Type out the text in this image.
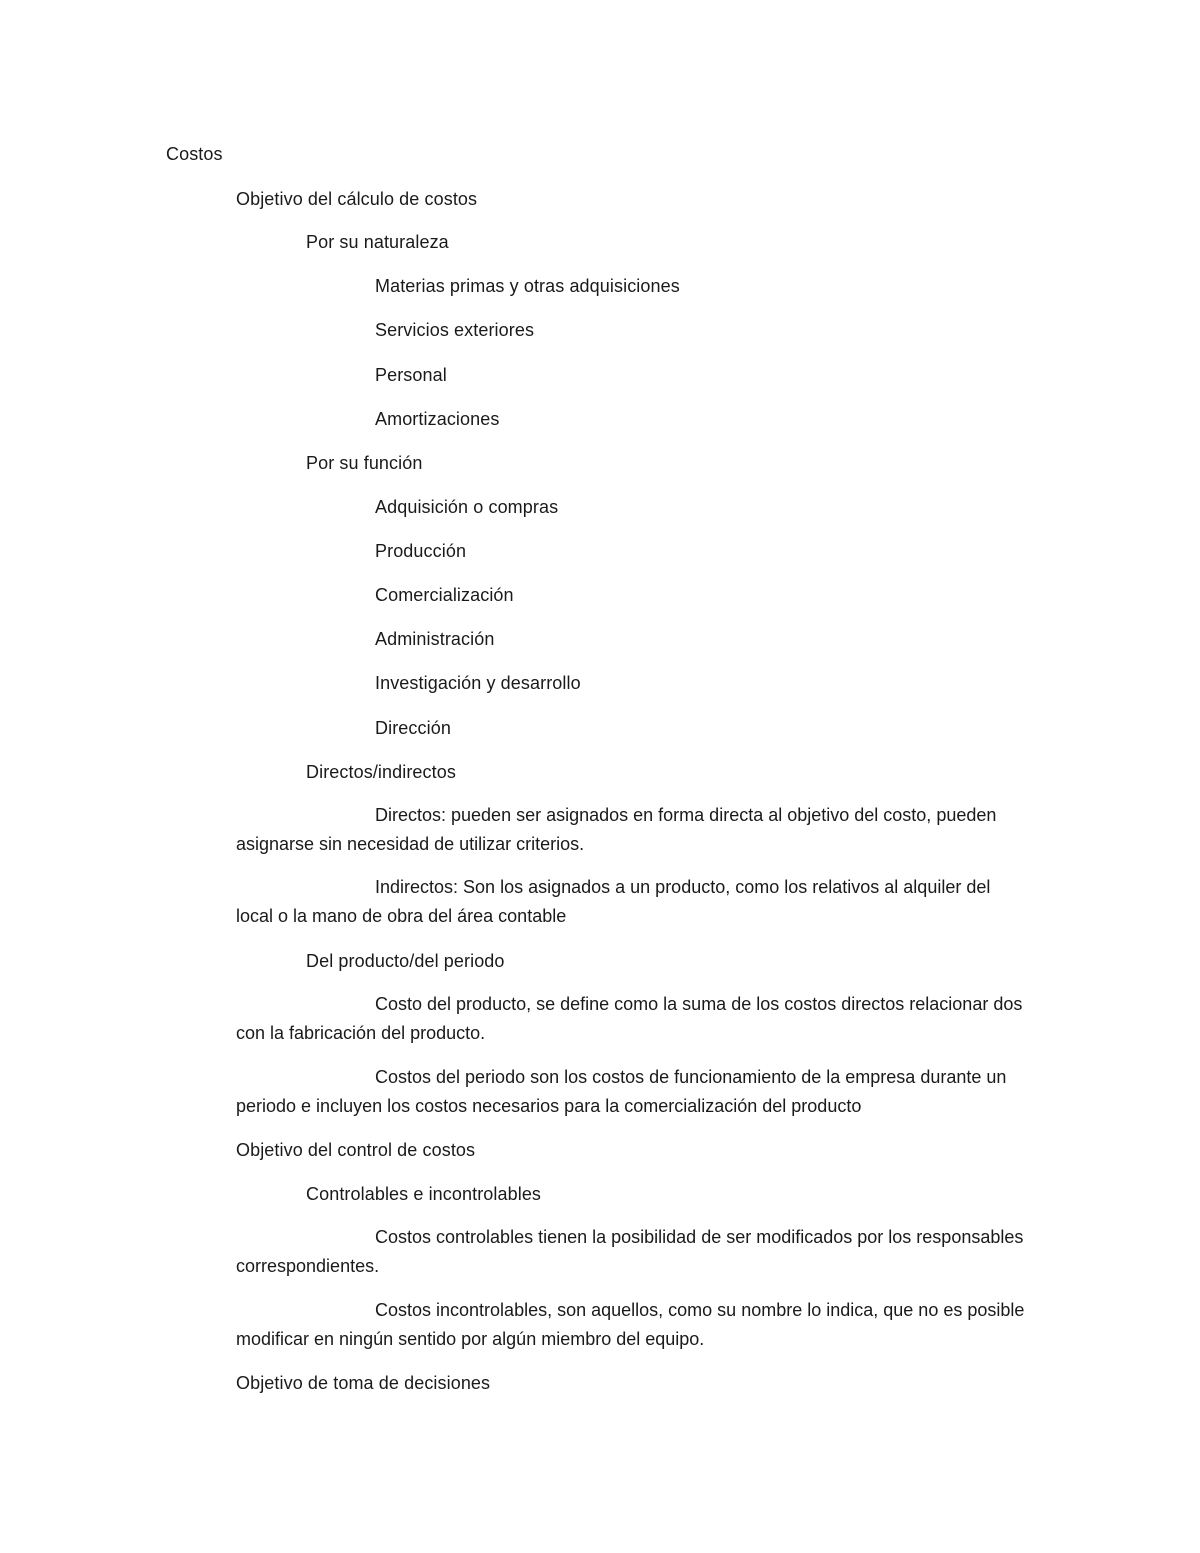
Costos
Objetivo del cálculo de costos
Por su naturaleza
Materias primas y otras adquisiciones
Servicios exteriores
Personal
Amortizaciones
Por su función
Adquisición o compras
Producción
Comercialización
Administración
Investigación y desarrollo
Dirección
Directos/indirectos
Directos: pueden ser asignados en forma directa al objetivo del costo, pueden asignarse sin necesidad de utilizar criterios.
Indirectos: Son los asignados a un producto, como los relativos al alquiler del local o la mano de obra del área contable
Del producto/del periodo
Costo del producto, se define como la suma de los costos directos relacionar dos con la fabricación del producto.
Costos del periodo son los costos de funcionamiento de la empresa durante un periodo e incluyen los costos necesarios para la comercialización del producto
Objetivo del control de costos
Controlables e incontrolables
Costos controlables tienen la posibilidad de ser modificados por los responsables correspondientes.
Costos incontrolables, son aquellos, como su nombre lo indica, que no es posible modificar en ningún sentido por algún miembro del equipo.
Objetivo de toma de decisiones
